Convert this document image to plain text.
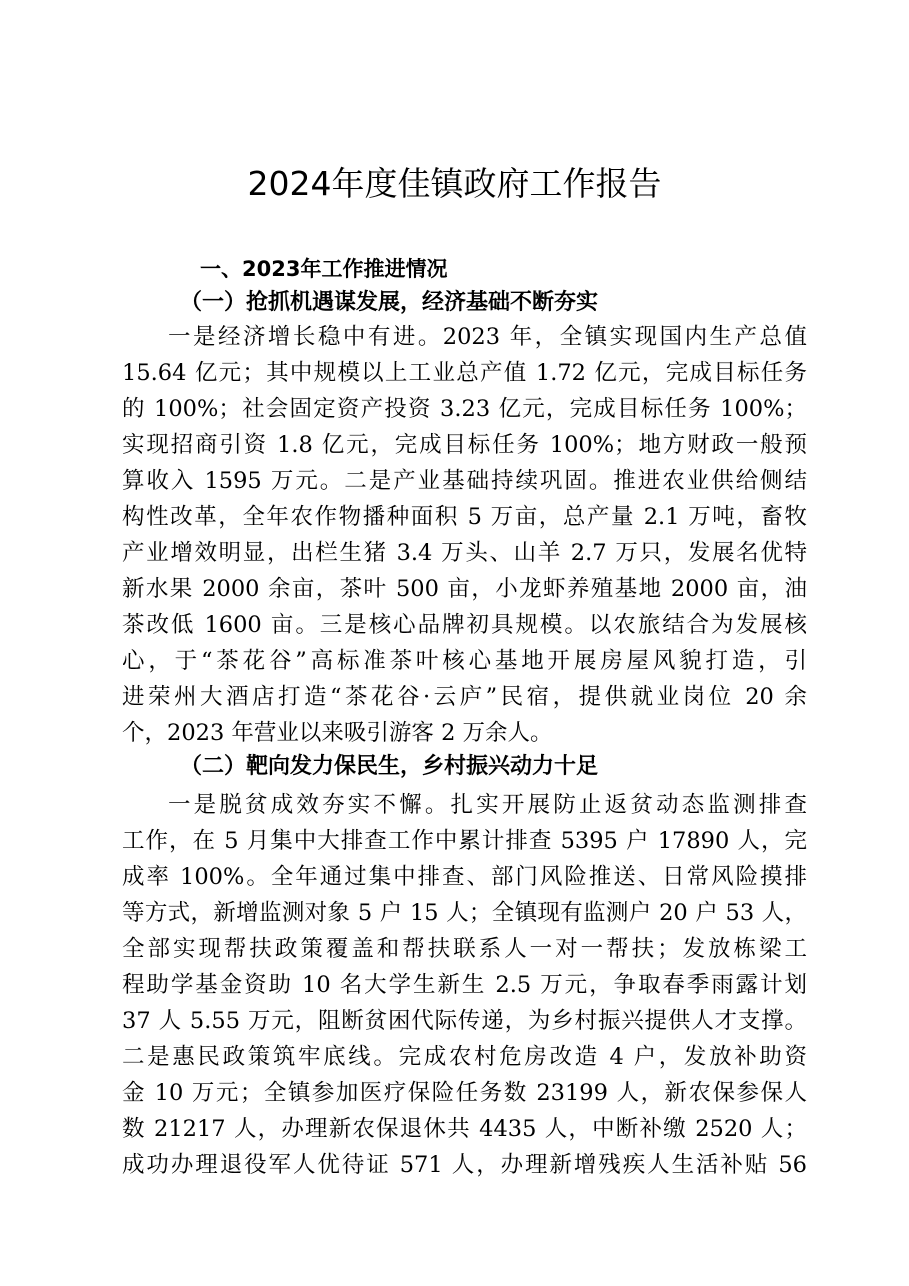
2024年度佳镇政府工作报告
一、2023年工作推进情况
（一）抢抓机遇谋发展，经济基础不断夯实
一是经济增长稳中有进。2023 年，全镇实现国内生产总值
15.64 亿元；其中规模以上工业总产值 1.72 亿元，完成目标任务
的 100%；社会固定资产投资 3.23 亿元，完成目标任务 100%；
实现招商引资 1.8 亿元，完成目标任务 100%；地方财政一般预
算收入 1595 万元。二是产业基础持续巩固。推进农业供给侧结
构性改革，全年农作物播种面积 5 万亩，总产量 2.1 万吨，畜牧
产业增效明显，出栏生猪 3.4 万头、山羊 2.7 万只，发展名优特
新水果 2000 余亩，茶叶 500 亩，小龙虾养殖基地 2000 亩，油
茶改低 1600 亩。三是核心品牌初具规模。以农旅结合为发展核
心，于“茶花谷”高标准茶叶核心基地开展房屋风貌打造，引
进荣州大酒店打造“茶花谷·云庐”民宿，提供就业岗位 20 余
（二）靶向发力保民生，乡村振兴动力十足
一是脱贫成效夯实不懈。扎实开展防止返贫动态监测排查
工作，在 5 月集中大排查工作中累计排查 5395 户 17890 人，完
成率 100%。全年通过集中排查、部门风险推送、日常风险摸排
等方式，新增监测对象 5 户 15 人；全镇现有监测户 20 户 53 人，
全部实现帮扶政策覆盖和帮扶联系人一对一帮扶；发放栋梁工
程助学基金资助 10 名大学生新生 2.5 万元，争取春季雨露计划
37 人 5.55 万元，阻断贫困代际传递，为乡村振兴提供人才支撑。
二是惠民政策筑牢底线。完成农村危房改造 4 户，发放补助资
金 10 万元；全镇参加医疗保险任务数 23199 人，新农保参保人
数 21217 人，办理新农保退休共 4435 人，中断补缴 2520 人；
成功办理退役军人优待证 571 人，办理新增残疾人生活补贴 56
个，2023 年营业以来吸引游客 2 万余人。
